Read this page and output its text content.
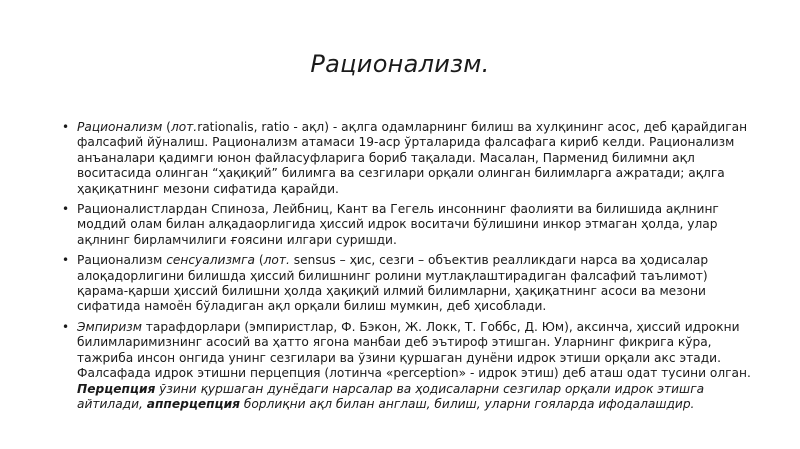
Рационализм.
• Рационализм (лот.rationalis, ratio - ақл) - ақлга одамларнинг билиш ва хулқининг асос, деб қарайдиган фалсафий йўналиш. Рационализм атамаси 19-аср ўрталарида фалсафага кириб келди. Рационализм анъаналари қадимги юнон файласуфларига бориб тақалади. Масалан, Парменид билимни ақл воситасида олинган “ҳақиқий” билимга ва сезгилари орқали олинган билимларга ажратади; ақлга ҳақиқатнинг мезони сифатида қарайди.
• Рационалистлардан Спиноза, Лейбниц, Кант ва Гегель инсоннинг фаолияти ва билишида ақлнинг моддий олам билан алқадаорлигида ҳиссий идрок воситачи бўлишини инкор этмаган ҳолда, улар ақлнинг бирламчилиги ғоясини илгари суришди.
• Рационализм сенсуализмга (лот. sensus – ҳис, сезги – объектив реалликдаги нарса ва ҳодисалар алоқадорлигини билишда ҳиссий билишнинг ролини мутлақлаштирадиган фалсафий таълимот) қарама-қарши ҳиссий билишни ҳолда ҳақиқий илмий билимларни, ҳақиқатнинг асоси ва мезони сифатида намоён бўладиган ақл орқали билиш мумкин, деб ҳисоблади.
• Эмпиризм тарафдорлари (эмпиристлар, Ф. Бэкон, Ж. Локк, Т. Гоббс, Д. Юм), аксинча, ҳиссий идрокни билимларимизнинг асосий ва ҳатто ягона манбаи деб эътироф этишган. Уларнинг фикрига кўра, тажриба инсон онгида унинг сезгилари ва ўзини қуршаган дунёни идрок этиши орқали акс этади. Фалсафада идрок этишни перцепция (лотинча «perception» - идрок этиш) деб аташ одат тусини олган. Перцепция ўзини қуршаган дунёдаги нарсалар ва ҳодисаларни сезгилар орқали идрок этишга айтилади, апперцепция борлиқни ақл билан англаш, билиш, уларни гояларда ифодалашдир.
